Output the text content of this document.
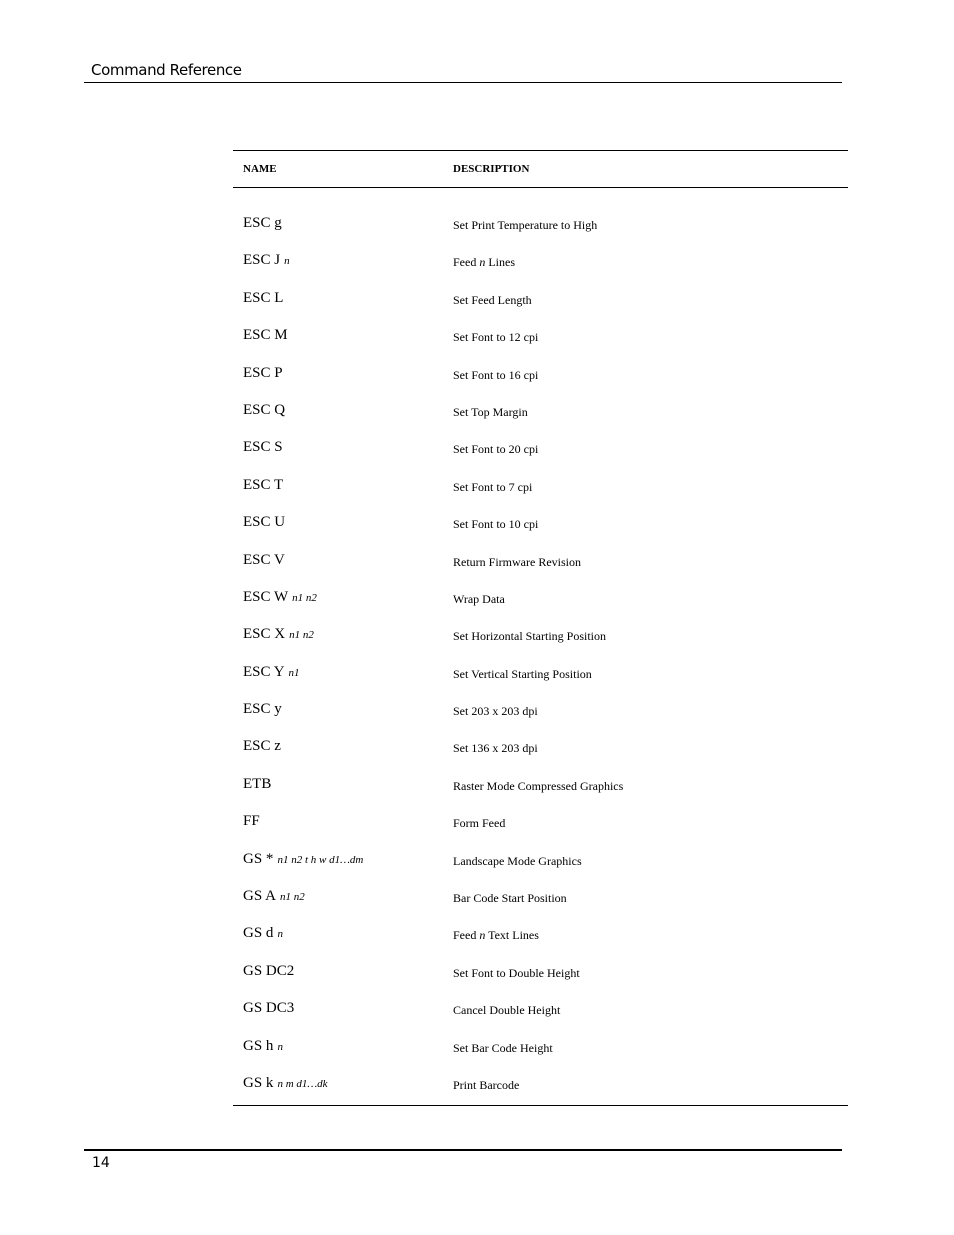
Command Reference
NAME	DESCRIPTION
ESC g	Set Print Temperature to High
ESC J n	Feed n Lines
ESC L	Set Feed Length
ESC M	Set Font to 12 cpi
ESC P	Set Font to 16 cpi
ESC Q	Set Top Margin
ESC S	Set Font to 20 cpi
ESC T	Set Font to 7 cpi
ESC U	Set Font to 10 cpi
ESC V	Return Firmware Revision
ESC W n1 n2	Wrap Data
ESC X n1 n2	Set Horizontal Starting Position
ESC Y n1	Set Vertical Starting Position
ESC y	Set 203 x 203 dpi
ESC z	Set 136 x 203 dpi
ETB	Raster Mode Compressed Graphics
FF	Form Feed
GS * n1 n2 t h w d1…dm	Landscape Mode Graphics
GS A n1 n2	Bar Code Start Position
GS d n	Feed n Text Lines
GS DC2	Set Font to Double Height
GS DC3	Cancel Double Height
GS h n	Set Bar Code Height
GS k n m d1…dk	Print Barcode
14
